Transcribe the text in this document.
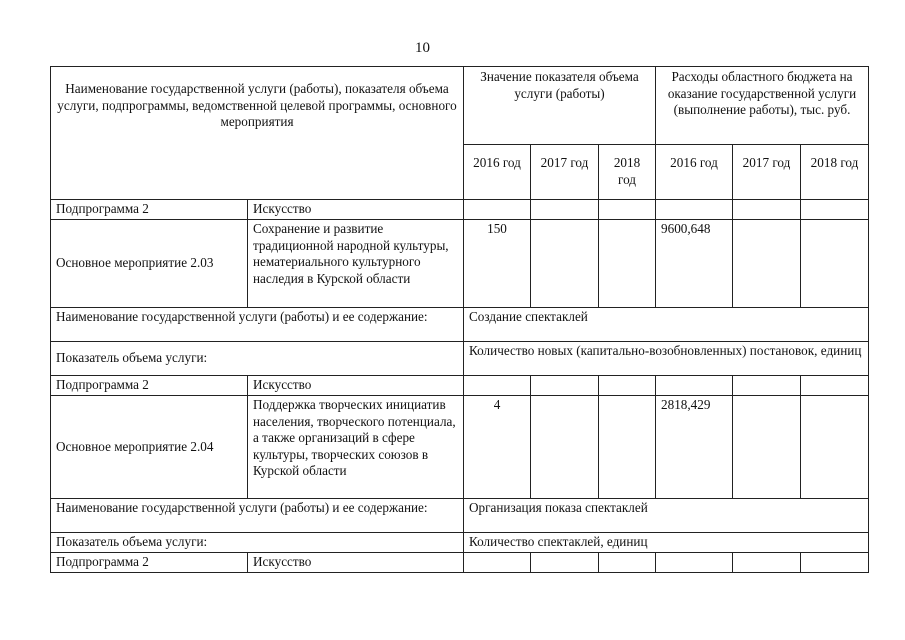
10
Наименование государственной услуги (работы), показателя объема услуги, подпрограммы, ведомственной целевой программы, основного мероприятия		Значение показателя объема услуги (работы)			Расходы областного бюджета на оказание государственной услуги (выполнение работы), тыс. руб.		
		2016 год	2017 год	2018 год	2016 год	2017 год	2018 год
Подпрограмма 2	Искусство						
Основное мероприятие 2.03	Сохранение и развитие традиционной народной культуры, нематериального культурного наследия в Курской области	150			9600,648		
Наименование государственной услуги (работы) и ее содержание:		Создание спектаклей					
Показатель объема услуги:		Количество новых (капитально-возобновленных) постановок, единиц					
Подпрограмма 2	Искусство						
Основное мероприятие 2.04	Поддержка творческих инициатив населения, творческого потенциала, а также организаций в сфере культуры, творческих союзов в Курской области	4			2818,429		
Наименование государственной услуги (работы) и ее содержание:		Организация показа спектаклей					
Показатель объема услуги:		Количество спектаклей, единиц					
Подпрограмма 2	Искусство						
